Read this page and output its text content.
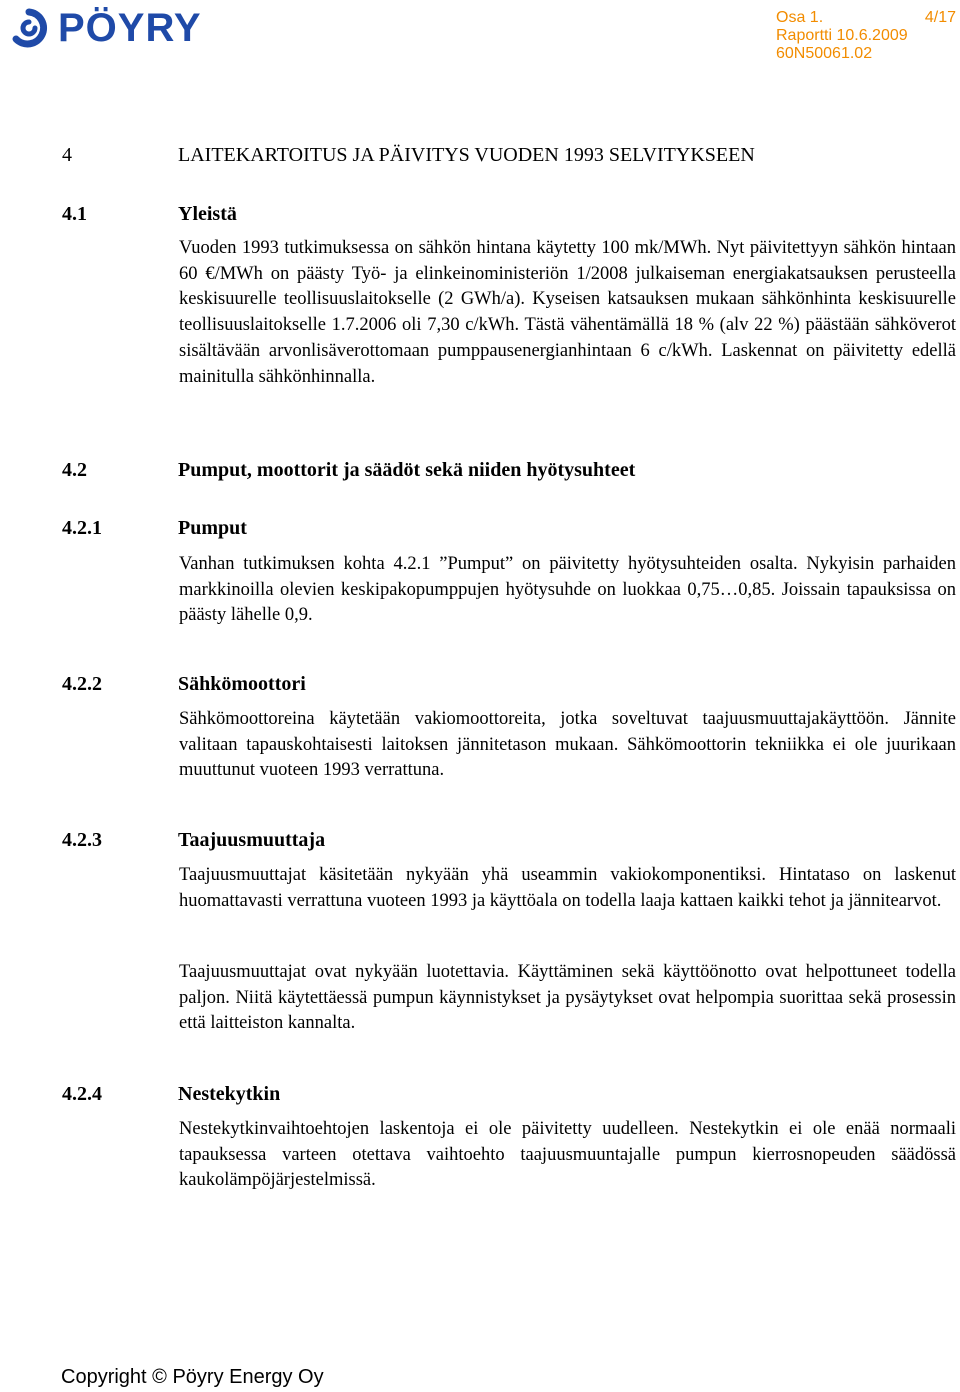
PÖYRY	Osa 1.	4/17
Raportti 10.6.2009
60N50061.02
4	LAITEKARTOITUS JA PÄIVITYS VUODEN 1993 SELVITYKSEEN
4.1	Yleistä
Vuoden 1993 tutkimuksessa on sähkön hintana käytetty 100 mk/MWh. Nyt päivitettyyn sähkön hintaan 60 €/MWh on päästy Työ- ja elinkeinoministeriön 1/2008 julkaiseman energiakatsauksen perusteella keskisuurelle teollisuuslaitokselle (2 GWh/a). Kyseisen katsauksen mukaan sähkönhinta keskisuurelle teollisuuslaitokselle 1.7.2006 oli 7,30 c/kWh. Tästä vähentämällä 18 % (alv 22 %) päästään sähköverot sisältävään arvonlisäverottomaan pumppausenergianhintaan 6 c/kWh. Laskennat on päivitetty edellä mainitulla sähkönhinnalla.
4.2	Pumput, moottorit ja säädöt sekä niiden hyötysuhteet
4.2.1	Pumput
Vanhan tutkimuksen kohta 4.2.1 ”Pumput” on päivitetty hyötysuhteiden osalta. Nykyisin parhaiden markkinoilla olevien keskipakopumppujen hyötysuhde on luokkaa 0,75…0,85. Joissain tapauksissa on päästy lähelle 0,9.
4.2.2	Sähkömoottori
Sähkömoottoreina käytetään vakiomoottoreita, jotka soveltuvat taajuusmuuttajakäyttöön. Jännite valitaan tapauskohtaisesti laitoksen jännitetason mukaan. Sähkömoottorin tekniikka ei ole juurikaan muuttunut vuoteen 1993 verrattuna.
4.2.3	Taajuusmuuttaja
Taajuusmuuttajat käsitetään nykyään yhä useammin vakiokomponentiksi. Hintataso on laskenut huomattavasti verrattuna vuoteen 1993 ja käyttöala on todella laaja kattaen kaikki tehot ja jännitearvot.
Taajuusmuuttajat ovat nykyään luotettavia. Käyttäminen sekä käyttöönotto ovat helpottuneet todella paljon. Niitä käytettäessä pumpun käynnistykset ja pysäytykset ovat helpompia suorittaa sekä prosessin että laitteiston kannalta.
4.2.4	Nestekytkin
Nestekytkinvaihtoehtojen laskentoja ei ole päivitetty uudelleen. Nestekytkin ei ole enää normaali tapauksessa varteen otettava vaihtoehto taajuusmuuntajalle pumpun kierrosnopeuden säädössä kaukolämpöjärjestelmissä.
Copyright © Pöyry Energy Oy
